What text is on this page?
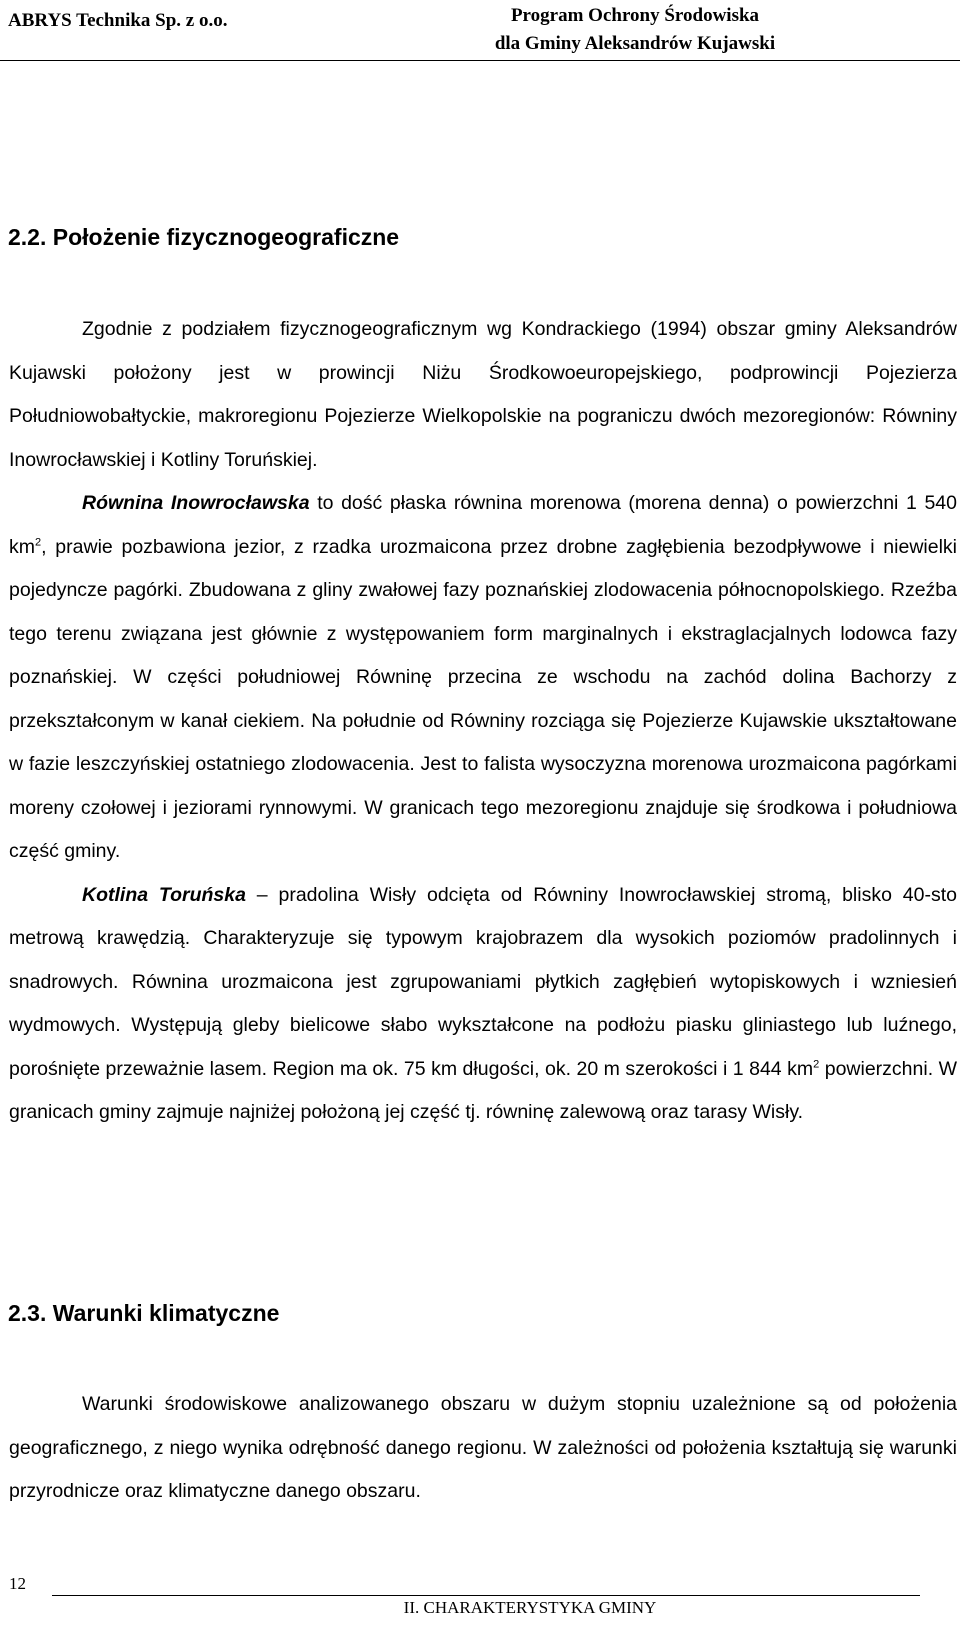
ABRYS Technika Sp. z o.o.	Program Ochrony Środowiska
dla Gminy Aleksandrów Kujawski
2.2. Położenie fizycznogeograficzne

Zgodnie z podziałem fizycznogeograficznym wg Kondrackiego (1994) obszar gminy Aleksandrów Kujawski położony jest w prowincji Niżu Środkowoeuropejskiego, podprowincji Pojezierza Południowobałtyckie, makroregionu Pojezierze Wielkopolskie na pograniczu dwóch mezoregionów: Równiny Inowrocławskiej i Kotliny Toruńskiej.

Równina Inowrocławska to dość płaska równina morenowa (morena denna) o powierzchni 1 540 $km^2$, prawie pozbawiona jezior, z rzadka urozmaicona przez drobne zagłębienia bezodpływowe i niewielki pojedyncze pagórki. Zbudowana z gliny zwałowej fazy poznańskiej zlodowacenia północnopolskiego. Rzeźba tego terenu związana jest głównie z występowaniem form marginalnych i ekstraglacjalnych lodowca fazy poznańskiej. W części południowej Równinę przecina ze wschodu na zachód dolina Bachorzy z przekształconym w kanał ciekiem. Na południe od Równiny rozciąga się Pojezierze Kujawskie ukształtowane w fazie leszczyńskiej ostatniego zlodowacenia. Jest to falista wysoczyzna morenowa urozmaicona pagórkami moreny czołowej i jeziorami rynnowymi. W granicach tego mezoregionu znajduje się środkowa i południowa część gminy.

Kotlina Toruńska – pradolina Wisły odcięta od Równiny Inowrocławskiej stromą, blisko 40-sto metrową krawędzią. Charakteryzuje się typowym krajobrazem dla wysokich poziomów pradolinnych i snadrowych. Równina urozmaicona jest zgrupowaniami płytkich zagłębień wytopiskowych i wzniesień wydmowych. Występują gleby bielicowe słabo wykształcone na podłożu piasku gliniastego lub luźnego, porośnięte przeważnie lasem. Region ma ok. 75 km długości, ok. 20 m szerokości i 1 844 $km^2$ powierzchni. W granicach gminy zajmuje najniżej położoną jej część tj. równinę zalewową oraz tarasy Wisły.

2.3. Warunki klimatyczne

Warunki środowiskowe analizowanego obszaru w dużym stopniu uzależnione są od położenia geograficznego, z niego wynika odrębność danego regionu. W zależności od położenia kształtują się warunki przyrodnicze oraz klimatyczne danego obszaru.

12
II. CHARAKTERYSTYKA GMINY
